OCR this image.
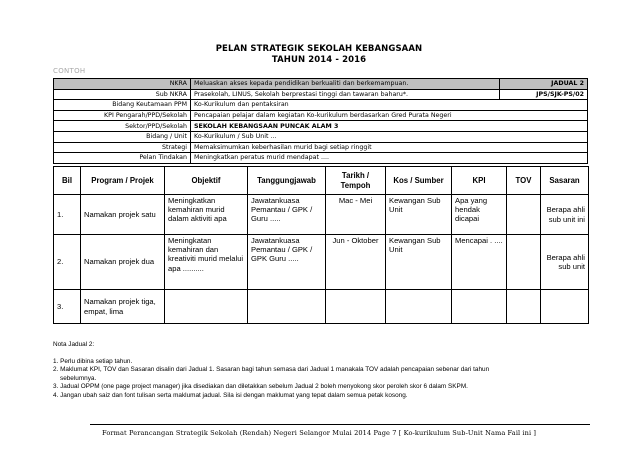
PELAN STRATEGIK SEKOLAH KEBANGSAAN
TAHUN 2014 - 2016
CONTOH
NKRA	Meluaskan akses kepada pendidikan berkualiti dan berkemampuan.	JADUAL 2
Sub NKRA	Prasekolah, LINUS, Sekolah berprestasi tinggi dan tawaran baharu*.	JPS/SJK-PS/02
Bidang Keutamaan PPM	Ko-Kurikulum dan pentaksiran	
KPI Pengarah/PPD/Sekolah	Pencapaian pelajar dalam kegiatan Ko-kurikulum berdasarkan Gred Purata Negeri	
Sektor/PPD/Sekolah	SEKOLAH KEBANGSAAN PUNCAK ALAM 3	
Bidang / Unit	Ko-Kurikulum / Sub Unit ...	
Strategi	Memaksimumkan keberhasilan murid bagi setiap ringgit	
Pelan Tindakan	Meningkatkan peratus murid mendapat ....	
Bil	Program / Projek	Objektif	Tanggungjawab	Tarikh / Tempoh	Kos / Sumber	KPI	TOV	Sasaran
1.	Namakan projek satu	Meningkatkan kemahiran murid dalam aktiviti apa	Jawatankuasa Pemantau / GPK / Guru .....	Mac - Mei	Kewangan Sub Unit	Apa yang hendak dicapai		Berapa ahli sub unit ini
2.	Namakan projek dua	Meningkatan kemahiran dan kreativiti murid melalui apa ..........	Jawatankuasa Pemantau / GPK / GPK Guru .....	Jun - Oktober	Kewangan Sub Unit	Mencapai . ....		Berapa ahli sub unit
3.	Namakan projek tiga, empat, lima							
Nota Jadual 2:
1. Perlu dibina setiap tahun.
2. Maklumat KPI, TOV dan Sasaran disalin dari Jadual 1. Sasaran bagi tahun semasa dari Jadual 1 manakala TOV adalah pencapaian sebenar dari tahun
sebelumnya.
3. Jadual OPPM (one page project manager) jika disediakan dan diletakkan sebelum Jadual 2 boleh menyokong skor peroleh skor 6 dalam SKPM.
4. Jangan ubah saiz dan font tulisan serta maklumat jadual. Sila isi dengan maklumat yang tepat dalam semua petak kosong.
Format Perancangan Strategik Sekolah (Rendah) Negeri Selangor Mulai 2014 Page 7 [ Ko-kurikulum Sub-Unit Nama Fail ini ]
